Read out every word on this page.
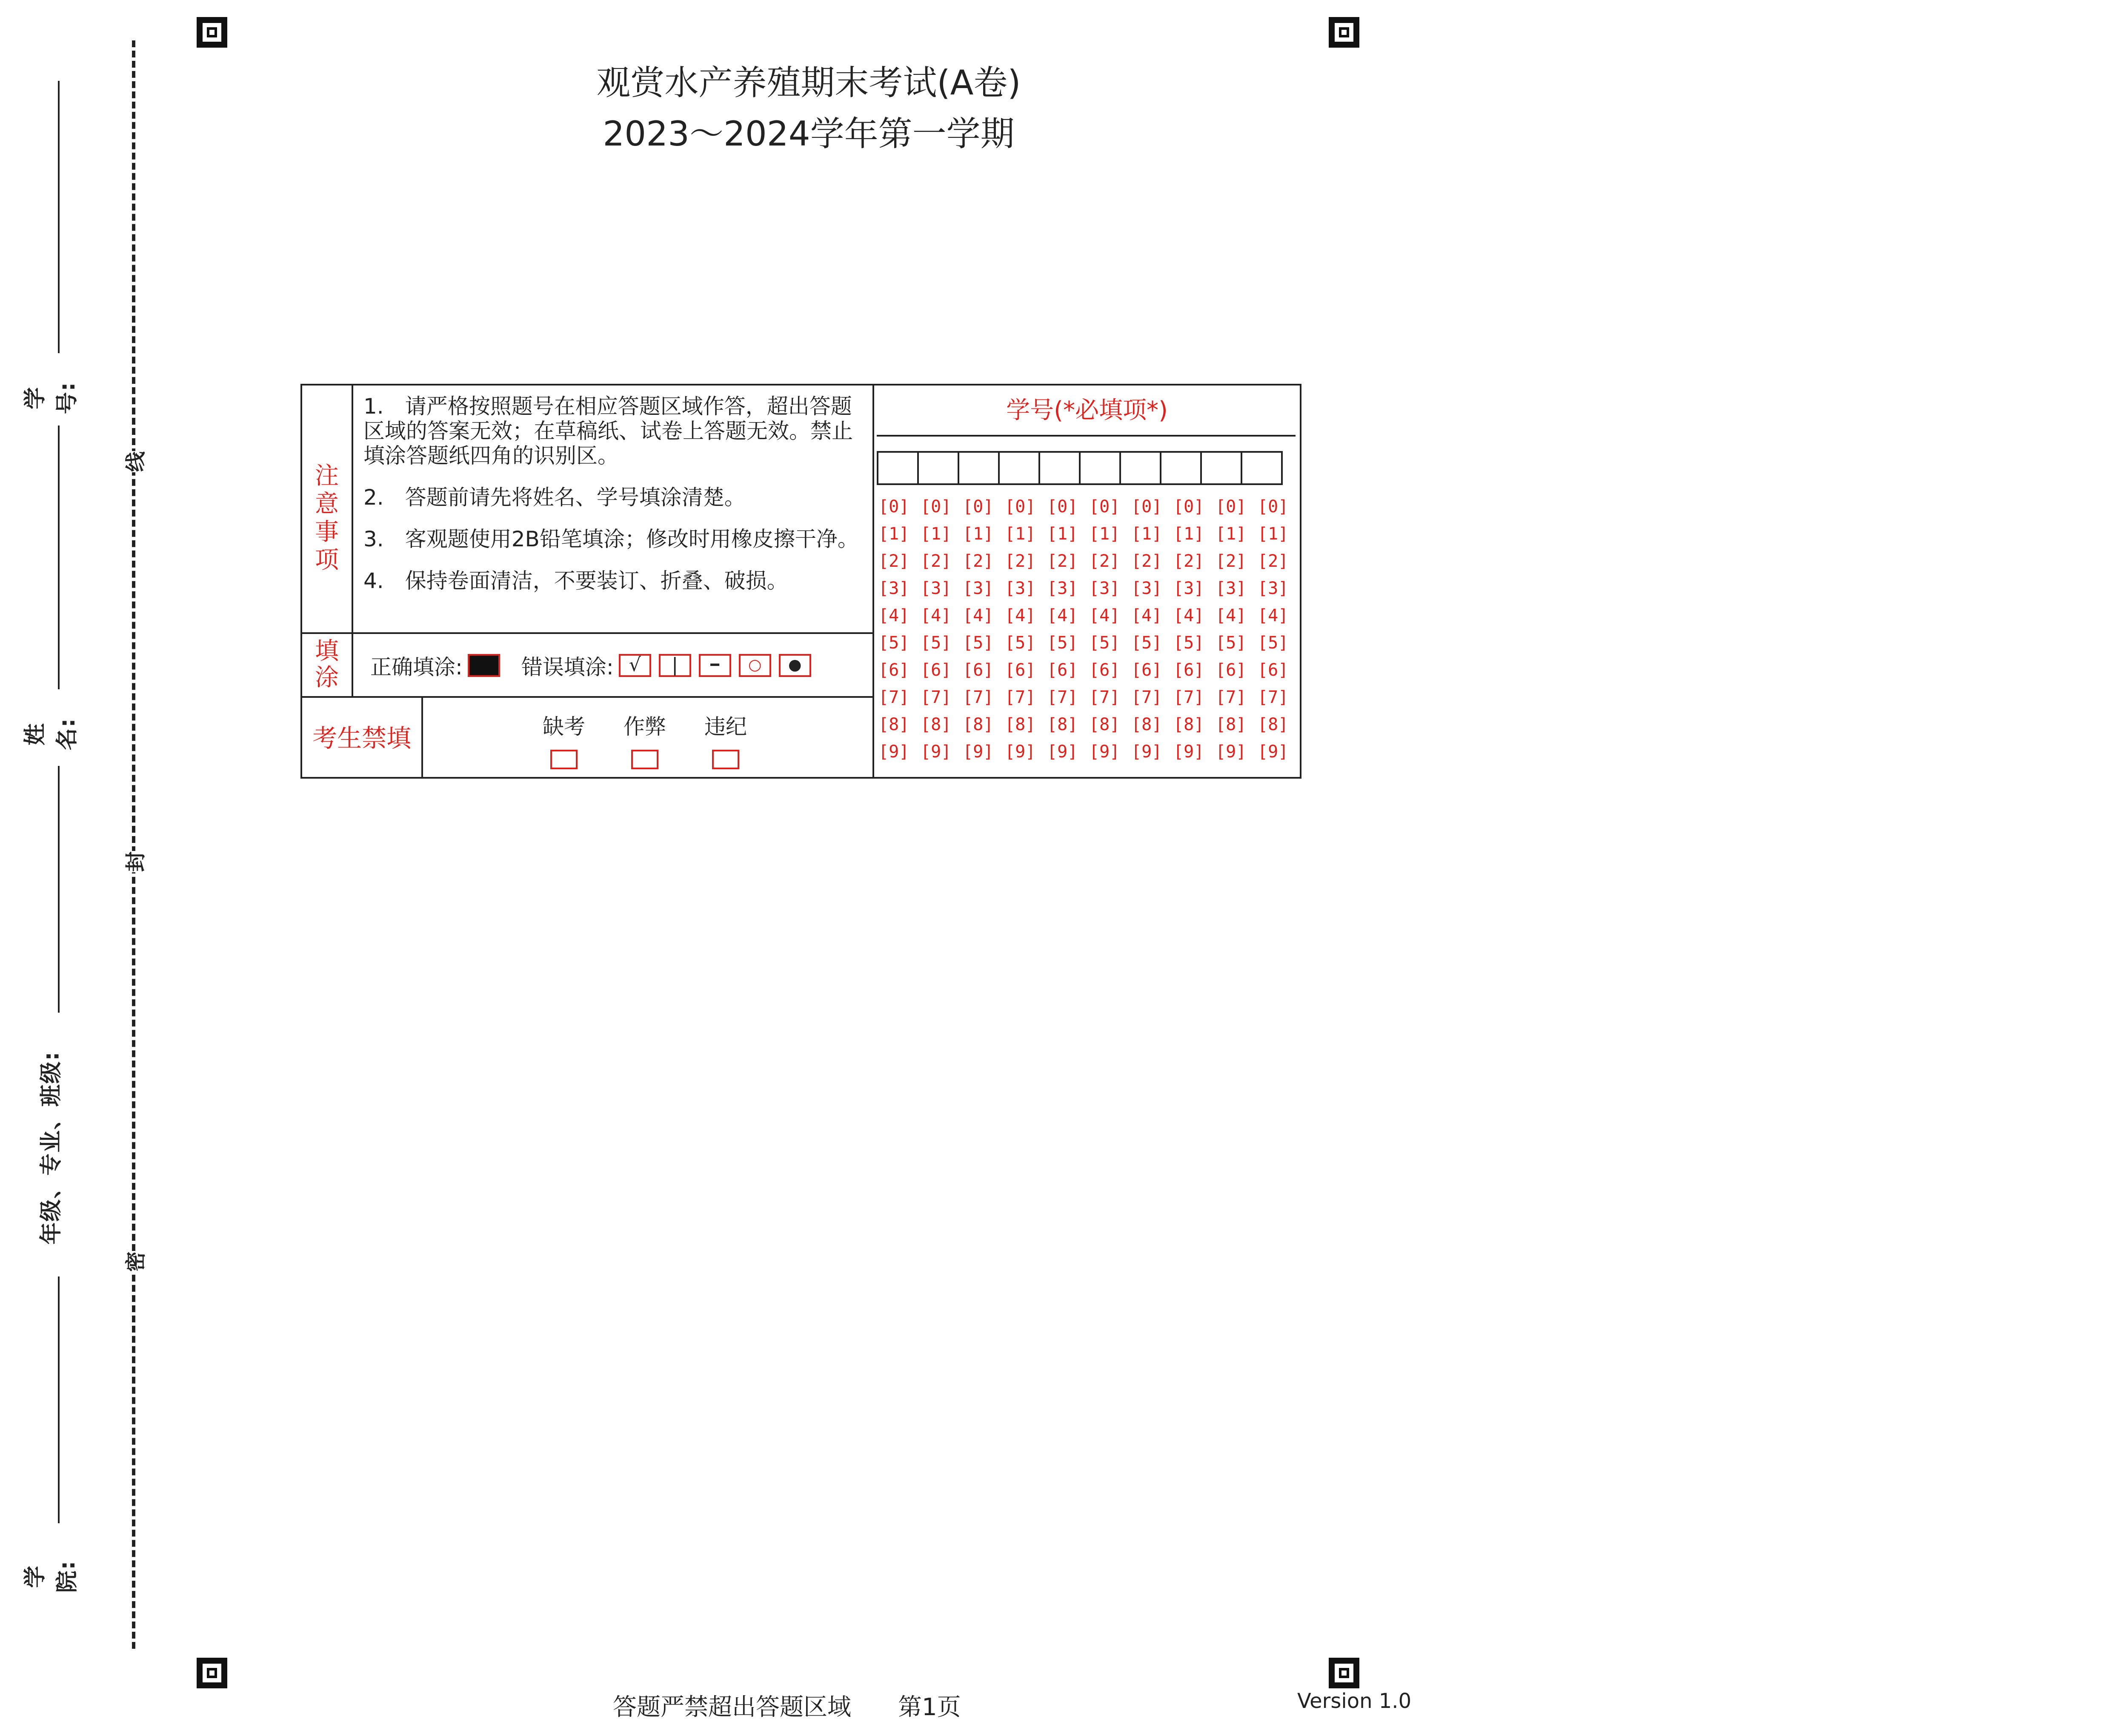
观赏水产养殖期末考试(A卷)
2023～2024学年第一学期
学号:
姓名:
年级、专业、班级:
学院:
线
封
密
注意事项

1.　请严格按照题号在相应答题区域作答，超出答题区域的答案无效；在草稿纸、试卷上答题无效。禁止填涂答题纸四角的识别区。

2.　答题前请先将姓名、学号填涂清楚。

3.　客观题使用2B铅笔填涂；修改时用橡皮擦干净。

4.　保持卷面清洁，不要装订、折叠、破损。

填涂	正确填涂:	错误填涂: √	|	━	○	●
考生禁填	缺考	作弊	违纪
学号(*必填项*)
[0] [0] [0] [0] [0] [0] [0] [0] [0] [0]
[1] [1] [1] [1] [1] [1] [1] [1] [1] [1]
[2] [2] [2] [2] [2] [2] [2] [2] [2] [2]
[3] [3] [3] [3] [3] [3] [3] [3] [3] [3]
[4] [4] [4] [4] [4] [4] [4] [4] [4] [4]
[5] [5] [5] [5] [5] [5] [5] [5] [5] [5]
[6] [6] [6] [6] [6] [6] [6] [6] [6] [6]
[7] [7] [7] [7] [7] [7] [7] [7] [7] [7]
[8] [8] [8] [8] [8] [8] [8] [8] [8] [8]
[9] [9] [9] [9] [9] [9] [9] [9] [9] [9]
答题严禁超出答题区域 第1页	Version 1.0
